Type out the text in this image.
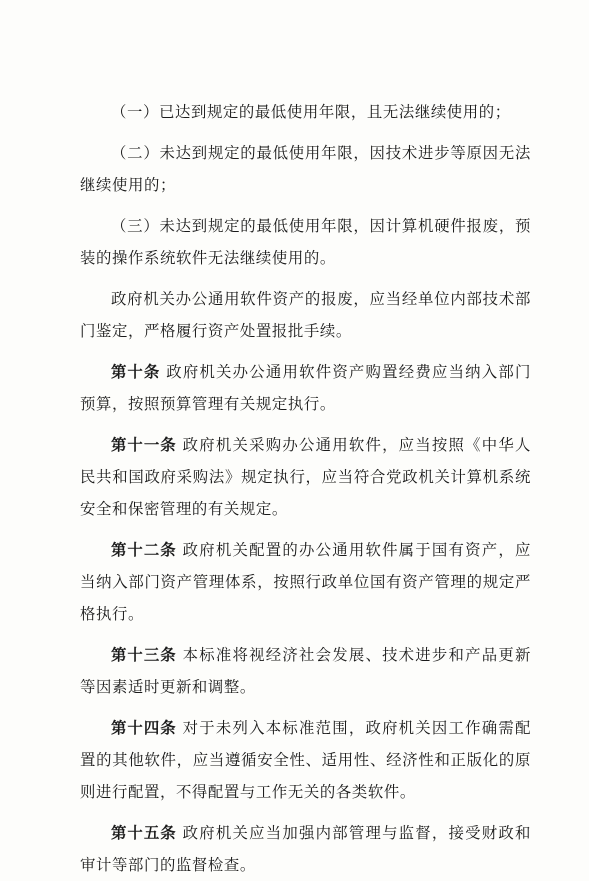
（一）已达到规定的最低使用年限，且无法继续使用的；

（二）未达到规定的最低使用年限，因技术进步等原因无法继续使用的；

（三）未达到规定的最低使用年限，因计算机硬件报废，预装的操作系统软件无法继续使用的。

政府机关办公通用软件资产的报废，应当经单位内部技术部门鉴定，严格履行资产处置报批手续。

第十条 政府机关办公通用软件资产购置经费应当纳入部门预算，按照预算管理有关规定执行。

第十一条 政府机关采购办公通用软件，应当按照《中华人民共和国政府采购法》规定执行，应当符合党政机关计算机系统安全和保密管理的有关规定。

第十二条 政府机关配置的办公通用软件属于国有资产，应当纳入部门资产管理体系，按照行政单位国有资产管理的规定严格执行。

第十三条 本标准将视经济社会发展、技术进步和产品更新等因素适时更新和调整。

第十四条 对于未列入本标准范围，政府机关因工作确需配置的其他软件，应当遵循安全性、适用性、经济性和正版化的原则进行配置，不得配置与工作无关的各类软件。

第十五条 政府机关应当加强内部管理与监督，接受财政和审计等部门的监督检查。
